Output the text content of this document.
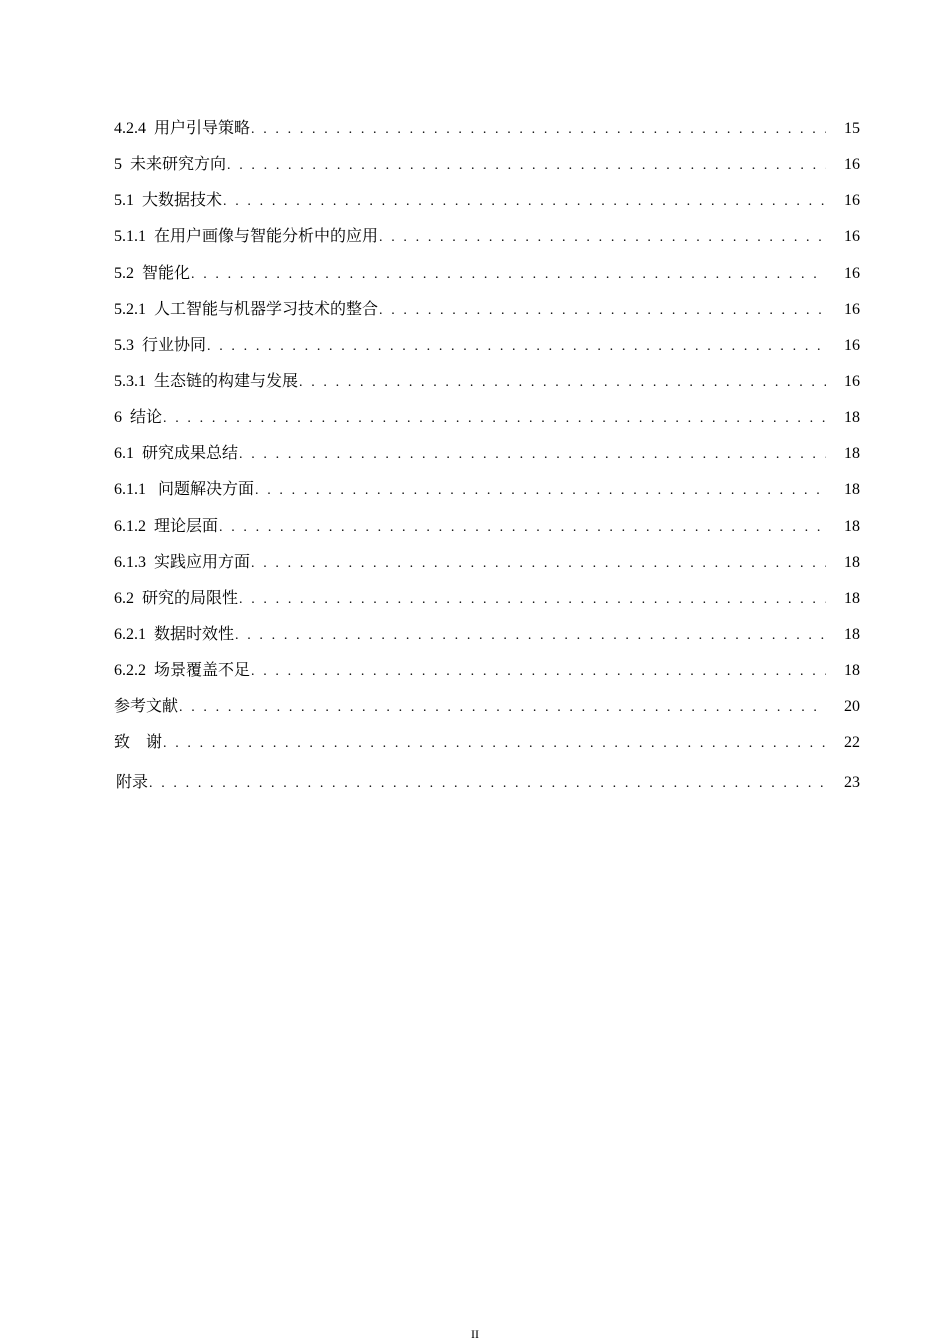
4.2.4 用户引导策略 . . .	15
5 未来研究方向 . . .	16
5.1 大数据技术 . . .	16
5.1.1 在用户画像与智能分析中的应用 . . .	16
5.2 智能化 . . .	16
5.2.1 人工智能与机器学习技术的整合 . . .	16
5.3 行业协同 . . .	16
5.3.1 生态链的构建与发展 . . .	16
6 结论 . . .	18
6.1 研究成果总结 . . .	18
6.1.1 问题解决方面 . . .	18
6.1.2 理论层面 . . .	18
6.1.3 实践应用方面 . . .	18
6.2 研究的局限性 . . .	18
6.2.1 数据时效性 . . .	18
6.2.2 场景覆盖不足 . . .	18
参考文献 . . .	20
致　谢 . . .	22
附录 . . .	23
II
